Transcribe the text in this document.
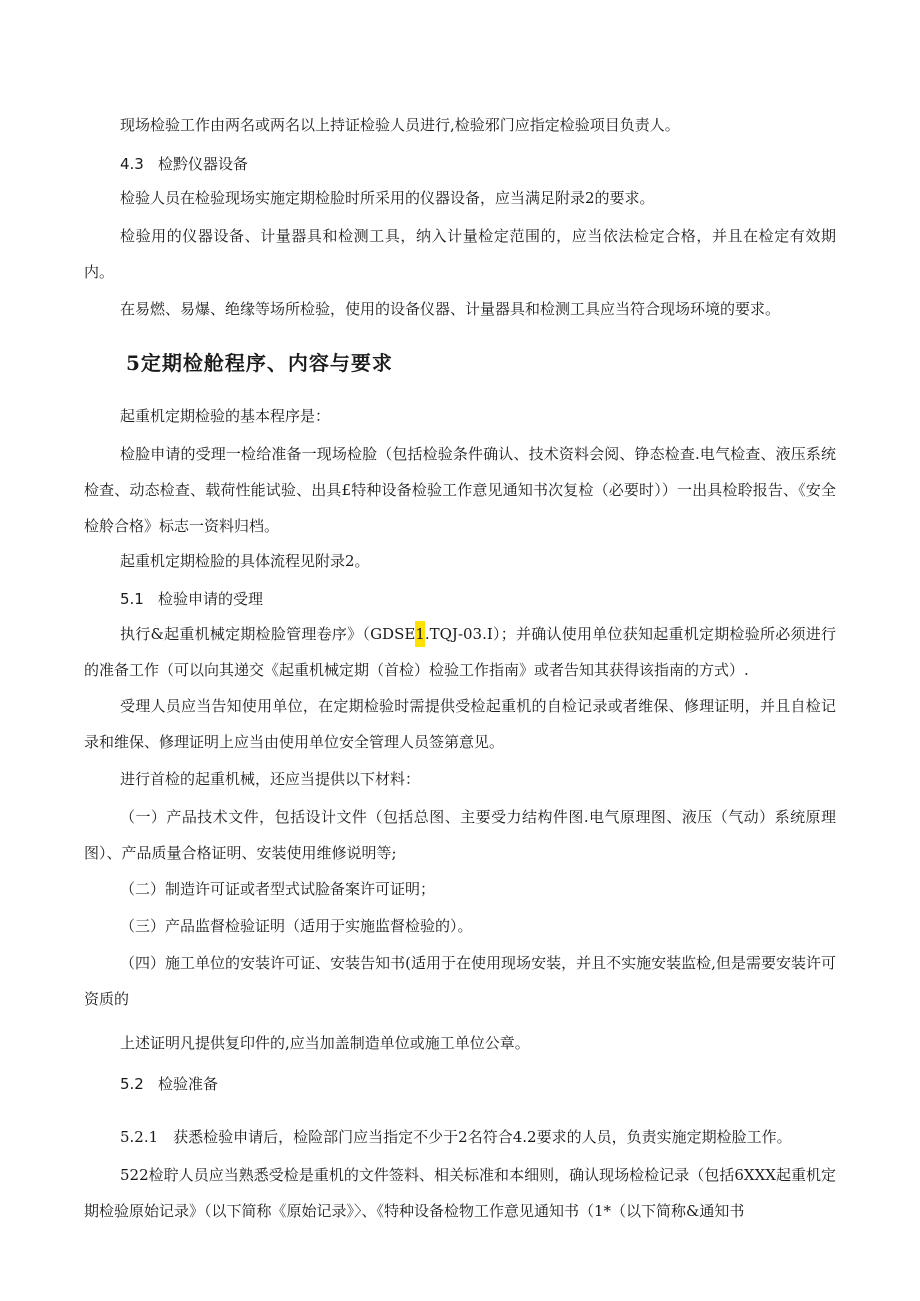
现场检验工作由两名或两名以上持证检验人员进行,检验邪门应指定检验项目负责人。

4.3 检黔仪器设备

检验人员在检验现场实施定期检脸时所采用的仪器设备，应当满足附录2的要求。

检验用的仪器设备、计量器具和检测工具，纳入计量检定范围的，应当依法检定合格，并且在检定有效期内。

在易燃、易爆、绝缘等场所检验，使用的设备仪器、计量器具和检测工具应当符合现场环境的要求。

5定期检舱程序、内容与要求

起重机定期检验的基本程序是：

检脸申请的受理一检给准备一现场检脸（包括检验条件确认、技术资料会阅、铮态检查.电气检查、液压系统检查、动态检查、载荷性能试验、出具£特种设备检验工作意见通知书次复检（必要时））一出具检聆报告、《安全检舲合格》标志一资料归档。

起重机定期检脸的具体流程见附录2。

5.1 检验申请的受理

执行&起重机械定期检脸管理卷序》（GDSE1.TQJ-03.I）；并确认使用单位获知起重机定期检验所必须进行的准备工作（可以向其递交《起重机械定期（首检）检验工作指南》或者告知其获得该指南的方式）.

受理人员应当告知使用单位，在定期检验时需提供受检起重机的自检记录或者维保、修理证明，并且自检记录和维保、修理证明上应当由使用单位安全管理人员签第意见。

进行首检的起重机械，还应当提供以下材料：

（一）产品技术文件，包括设计文件（包括总图、主要受力结构件图.电气原理图、液压（气动）系统原理图）、产品质量合格证明、安装使用维修说明等;

（二）制造许可证或者型式试脸备案许可证明；

（三）产品监督检验证明（适用于实施监督检验的）。

（四）施工单位的安装许可证、安装告知书(适用于在使用现场安装，并且不实施安装监检,但是需要安装许可资质的

上述证明凡提供复印件的,应当加盖制造单位或施工单位公章。

5.2 检验准备

5.2.1　获悉检验申请后，检险部门应当指定不少于2名符合4.2要求的人员，负责实施定期检脸工作。

522检聍人员应当熟悉受检是重机的文件签料、相关标准和本细则，确认现场检检记录（包括6XXX起重机定期检验原始记录》（以下简称《原始记录》〉、《特种设备检物工作意见通知书（1*（以下简称&通知书
